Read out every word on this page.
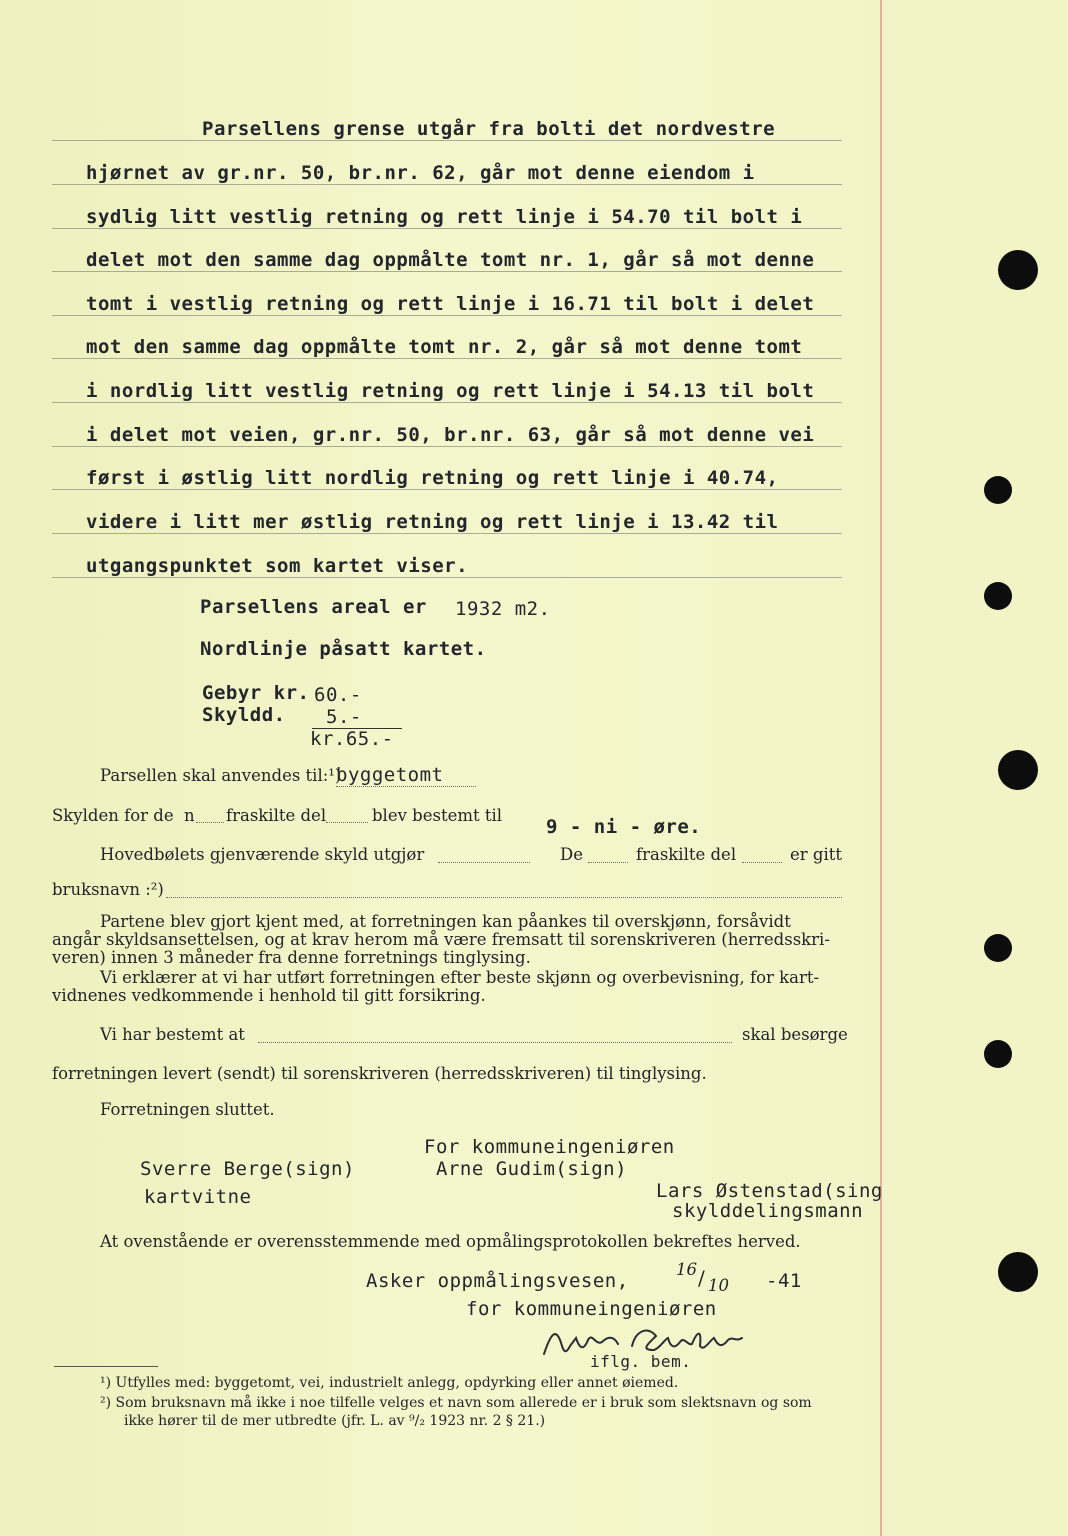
Parsellens grense utgår fra bolti det nordvestre
hjørnet av gr.nr. 50, br.nr. 62, går mot denne eiendom i
sydlig litt vestlig retning og rett linje i 54.70 til bolt i
delet mot den samme dag oppmålte tomt nr. 1, går så mot denne
tomt i vestlig retning og rett linje i 16.71 til bolt i delet
mot den samme dag oppmålte tomt nr. 2, går så mot denne tomt
i nordlig litt vestlig retning og rett linje i 54.13 til bolt
i delet mot veien, gr.nr. 50, br.nr. 63, går så mot denne vei
først i østlig litt nordlig retning og rett linje i 40.74,
videre i litt mer østlig retning og rett linje i 13.42 til
utgangspunktet som kartet viser.
Parsellens areal er 1932 m2.
Nordlinje påsatt kartet.
Gebyr kr. 60.-
Skyldd. 5.-
kr.65.-
Parsellen skal anvendes til:¹)
byggetomt
Skylden for de n fraskilte del	blev bestemt til
9 - ni - øre.
Hovedbølets gjenværende skyld utgjør	De	fraskilte del	er gitt
bruksnavn :²)
Partene blev gjort kjent med, at forretningen kan påankes til overskjønn, forsåvidt
angår skyldsansettelsen, og at krav herom må være fremsatt til sorenskriveren (herredsskri-
veren) innen 3 måneder fra denne forretnings tinglysing.
Vi erklærer at vi har utført forretningen efter beste skjønn og overbevisning, for kart-
vidnenes vedkommende i henhold til gitt forsikring.
Vi har bestemt at	skal besørge
forretningen levert (sendt) til sorenskriveren (herredsskriveren) til tinglysing.
Forretningen sluttet.
For kommuneingeniøren
Sverre Berge(sign)	Arne Gudim(sign)
Lars Østenstad(sing
kartvitne
skylddelingsmann
At ovenstående er overensstemmende med opmålingsprotokollen bekreftes herved.
Asker oppmålingsvesen,
16 / 10 -41
for kommuneingeniøren
iflg. bem.
¹) Utfylles med: byggetomt, vei, industrielt anlegg, opdyrking eller annet øiemed.
²) Som bruksnavn må ikke i noe tilfelle velges et navn som allerede er i bruk som slektsnavn og som
ikke hører til de mer utbredte (jfr. L. av ⁹/₂ 1923 nr. 2 § 21.)
